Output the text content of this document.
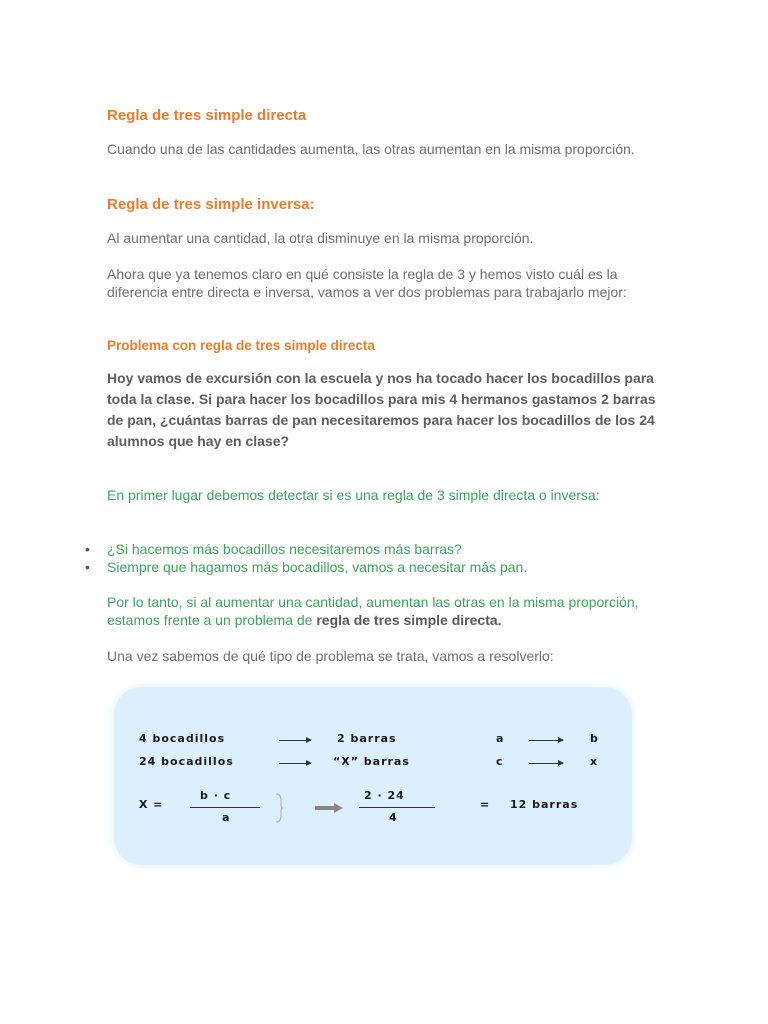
Regla de tres simple directa

Cuando una de las cantidades aumenta, las otras aumentan en la misma proporción.

Regla de tres simple inversa:

Al aumentar una cantidad, la otra disminuye en la misma proporción.

Ahora que ya tenemos claro en qué consiste la regla de 3 y hemos visto cuál es la diferencia entre directa e inversa, vamos a ver dos problemas para trabajarlo mejor:

Problema con regla de tres simple directa

Hoy vamos de excursión con la escuela y nos ha tocado hacer los bocadillos para toda la clase. Si para hacer los bocadillos para mis 4 hermanos gastamos 2 barras de pan, ¿cuántas barras de pan necesitaremos para hacer los bocadillos de los 24 alumnos que hay en clase?

En primer lugar debemos detectar si es una regla de 3 simple directa o inversa:

• ¿Si hacemos más bocadillos necesitaremos más barras?
• Siempre que hagamos más bocadillos, vamos a necesitar más pan.

Por lo tanto, si al aumentar una cantidad, aumentan las otras en la misma proporción, estamos frente a un problema de regla de tres simple directa.

Una vez sabemos de qué tipo de problema se trata, vamos a resolverlo:

4 bocadillos	2 barras	a	b
24 bocadillos	“X” barras	c	x
X =
b · c
a
2 · 24
4
= 12 barras
